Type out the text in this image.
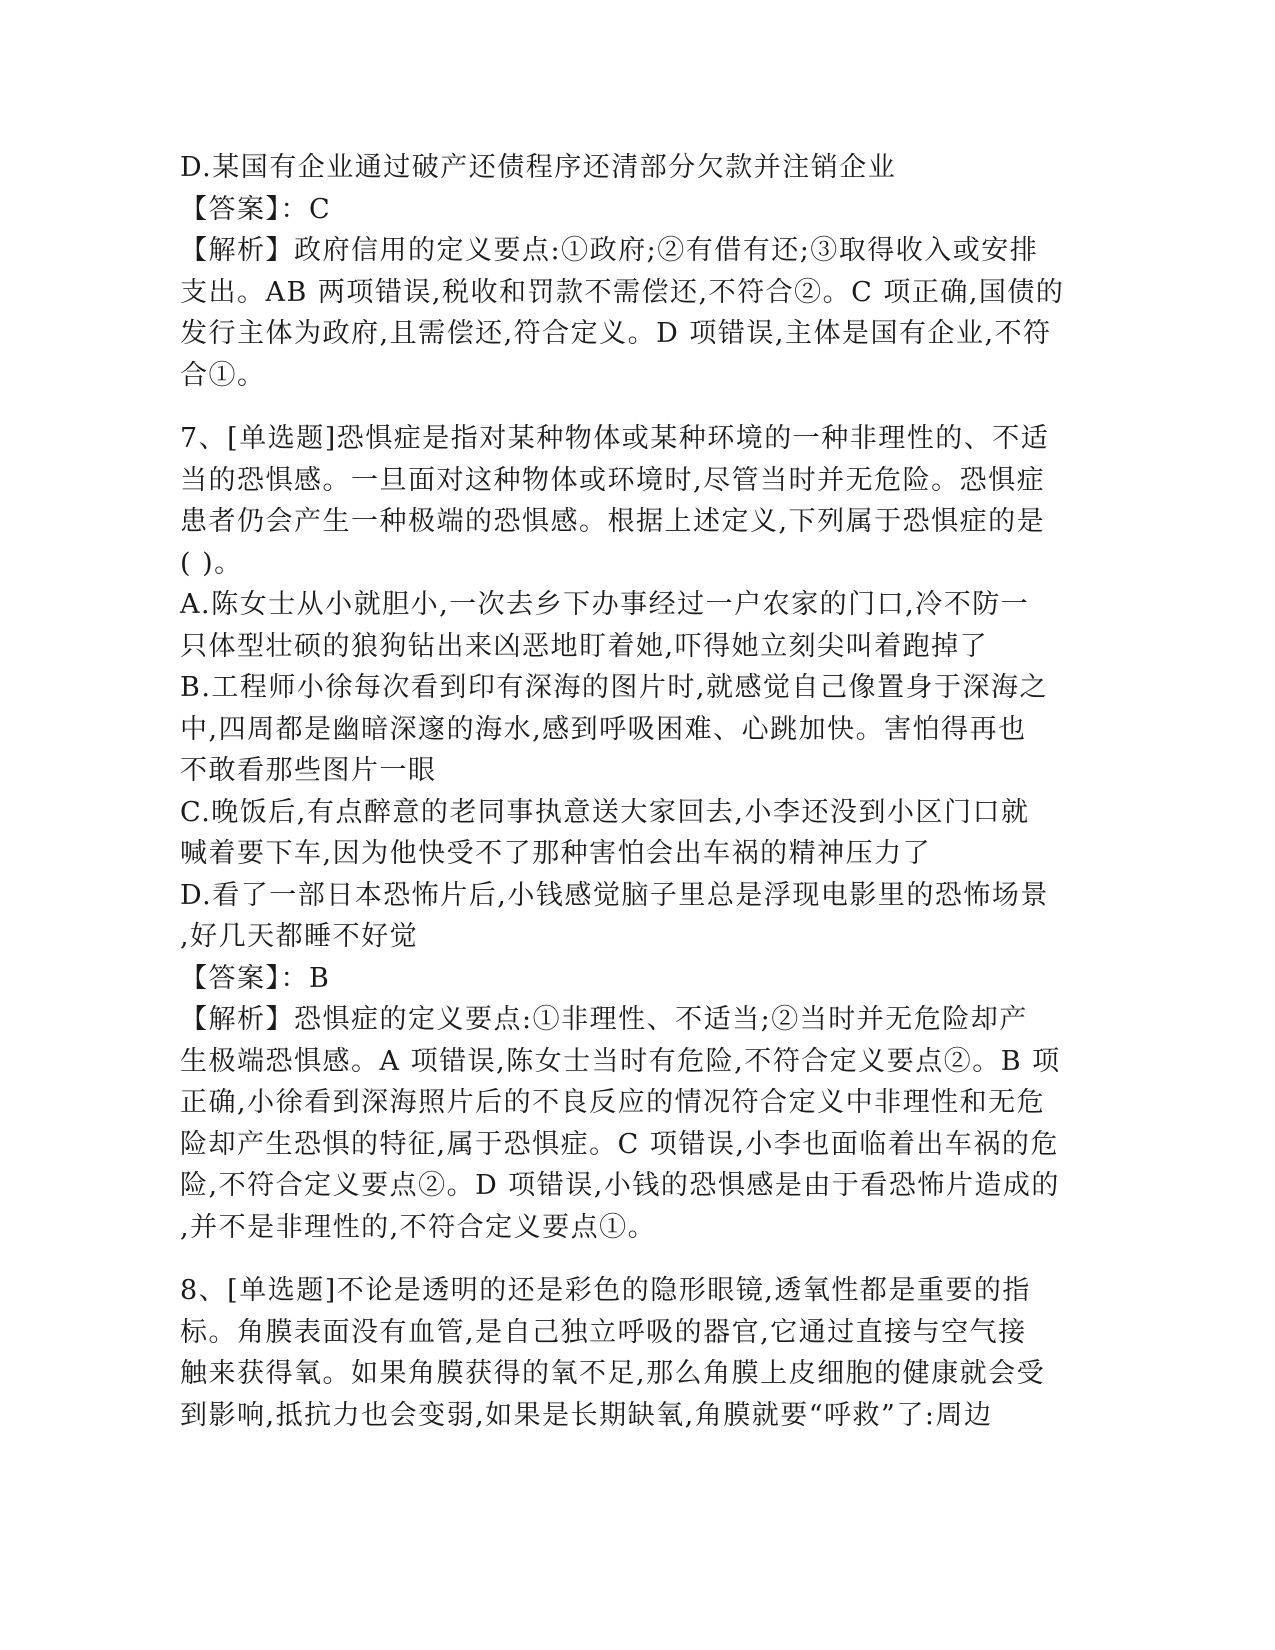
D.某国有企业通过破产还债程序还清部分欠款并注销企业
【答案】：C
【解析】政府信用的定义要点:①政府;②有借有还;③取得收入或安排
支出。AB 两项错误,税收和罚款不需偿还,不符合②。C 项正确,国债的
发行主体为政府,且需偿还,符合定义。D 项错误,主体是国有企业,不符
合①。
7、[单选题]恐惧症是指对某种物体或某种环境的一种非理性的、不适
当的恐惧感。一旦面对这种物体或环境时,尽管当时并无危险。恐惧症
患者仍会产生一种极端的恐惧感。根据上述定义,下列属于恐惧症的是
( )。
A.陈女士从小就胆小,一次去乡下办事经过一户农家的门口,冷不防一
只体型壮硕的狼狗钻出来凶恶地盯着她,吓得她立刻尖叫着跑掉了
B.工程师小徐每次看到印有深海的图片时,就感觉自己像置身于深海之
中,四周都是幽暗深邃的海水,感到呼吸困难、心跳加快。害怕得再也
不敢看那些图片一眼
C.晚饭后,有点醉意的老同事执意送大家回去,小李还没到小区门口就
喊着要下车,因为他快受不了那种害怕会出车祸的精神压力了
D.看了一部日本恐怖片后,小钱感觉脑子里总是浮现电影里的恐怖场景
,好几天都睡不好觉
【答案】：B
【解析】恐惧症的定义要点:①非理性、不适当;②当时并无危险却产
生极端恐惧感。A 项错误,陈女士当时有危险,不符合定义要点②。B 项
正确,小徐看到深海照片后的不良反应的情况符合定义中非理性和无危
险却产生恐惧的特征,属于恐惧症。C 项错误,小李也面临着出车祸的危
险,不符合定义要点②。D 项错误,小钱的恐惧感是由于看恐怖片造成的
,并不是非理性的,不符合定义要点①。
8、[单选题]不论是透明的还是彩色的隐形眼镜,透氧性都是重要的指
标。角膜表面没有血管,是自己独立呼吸的器官,它通过直接与空气接
触来获得氧。如果角膜获得的氧不足,那么角膜上皮细胞的健康就会受
到影响,抵抗力也会变弱,如果是长期缺氧,角膜就要“呼救”了:周边
